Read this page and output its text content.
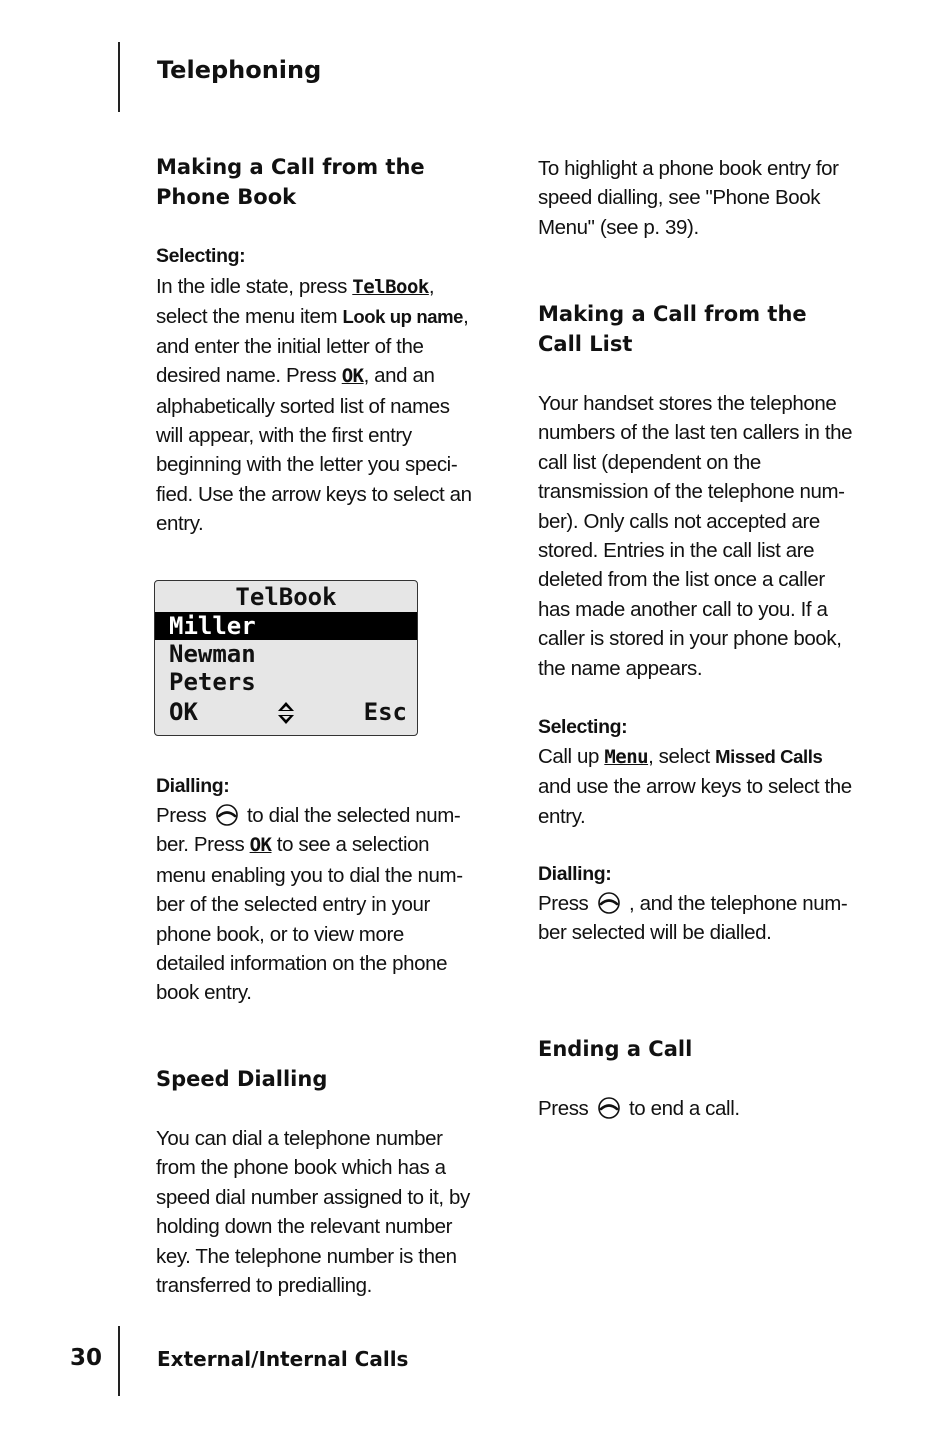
Telephoning
Making a Call from the
Phone Book
Selecting:

In the idle state, press TelBook, select the menu item Look up name, and enter the initial letter of the desired name. Press OK, and an alphabetically sorted list of names will appear, with the first entry beginning with the letter you speci-fied. Use the arrow keys to select an entry.

TelBook
Miller
Newman
Peters
OK	Esc
Dialling:

Press
to dial the selected num-ber. Press OK to see a selection menu enabling you to dial the num-ber of the selected entry in your phone book, or to view more detailed information on the phone book entry.

Speed Dialling

You can dial a telephone number from the phone book which has a speed dial number assigned to it, by holding down the relevant number key. The telephone number is then transferred to predialling.

To highlight a phone book entry for speed dialling, see "Phone Book Menu" (see p. 39).

Making a Call from the
Call List

Your handset stores the telephone numbers of the last ten callers in the call list (dependent on the transmission of the telephone num-ber). Only calls not accepted are stored. Entries in the call list are deleted from the list once a caller has made another call to you. If a caller is stored in your phone book, the name appears.

Selecting:

Call up Menu, select Missed Calls and use the arrow keys to select the entry.

Dialling:

Press
, and the telephone num-ber selected will be dialled.

Ending a Call

Press
to end a call.

30	External/Internal Calls
